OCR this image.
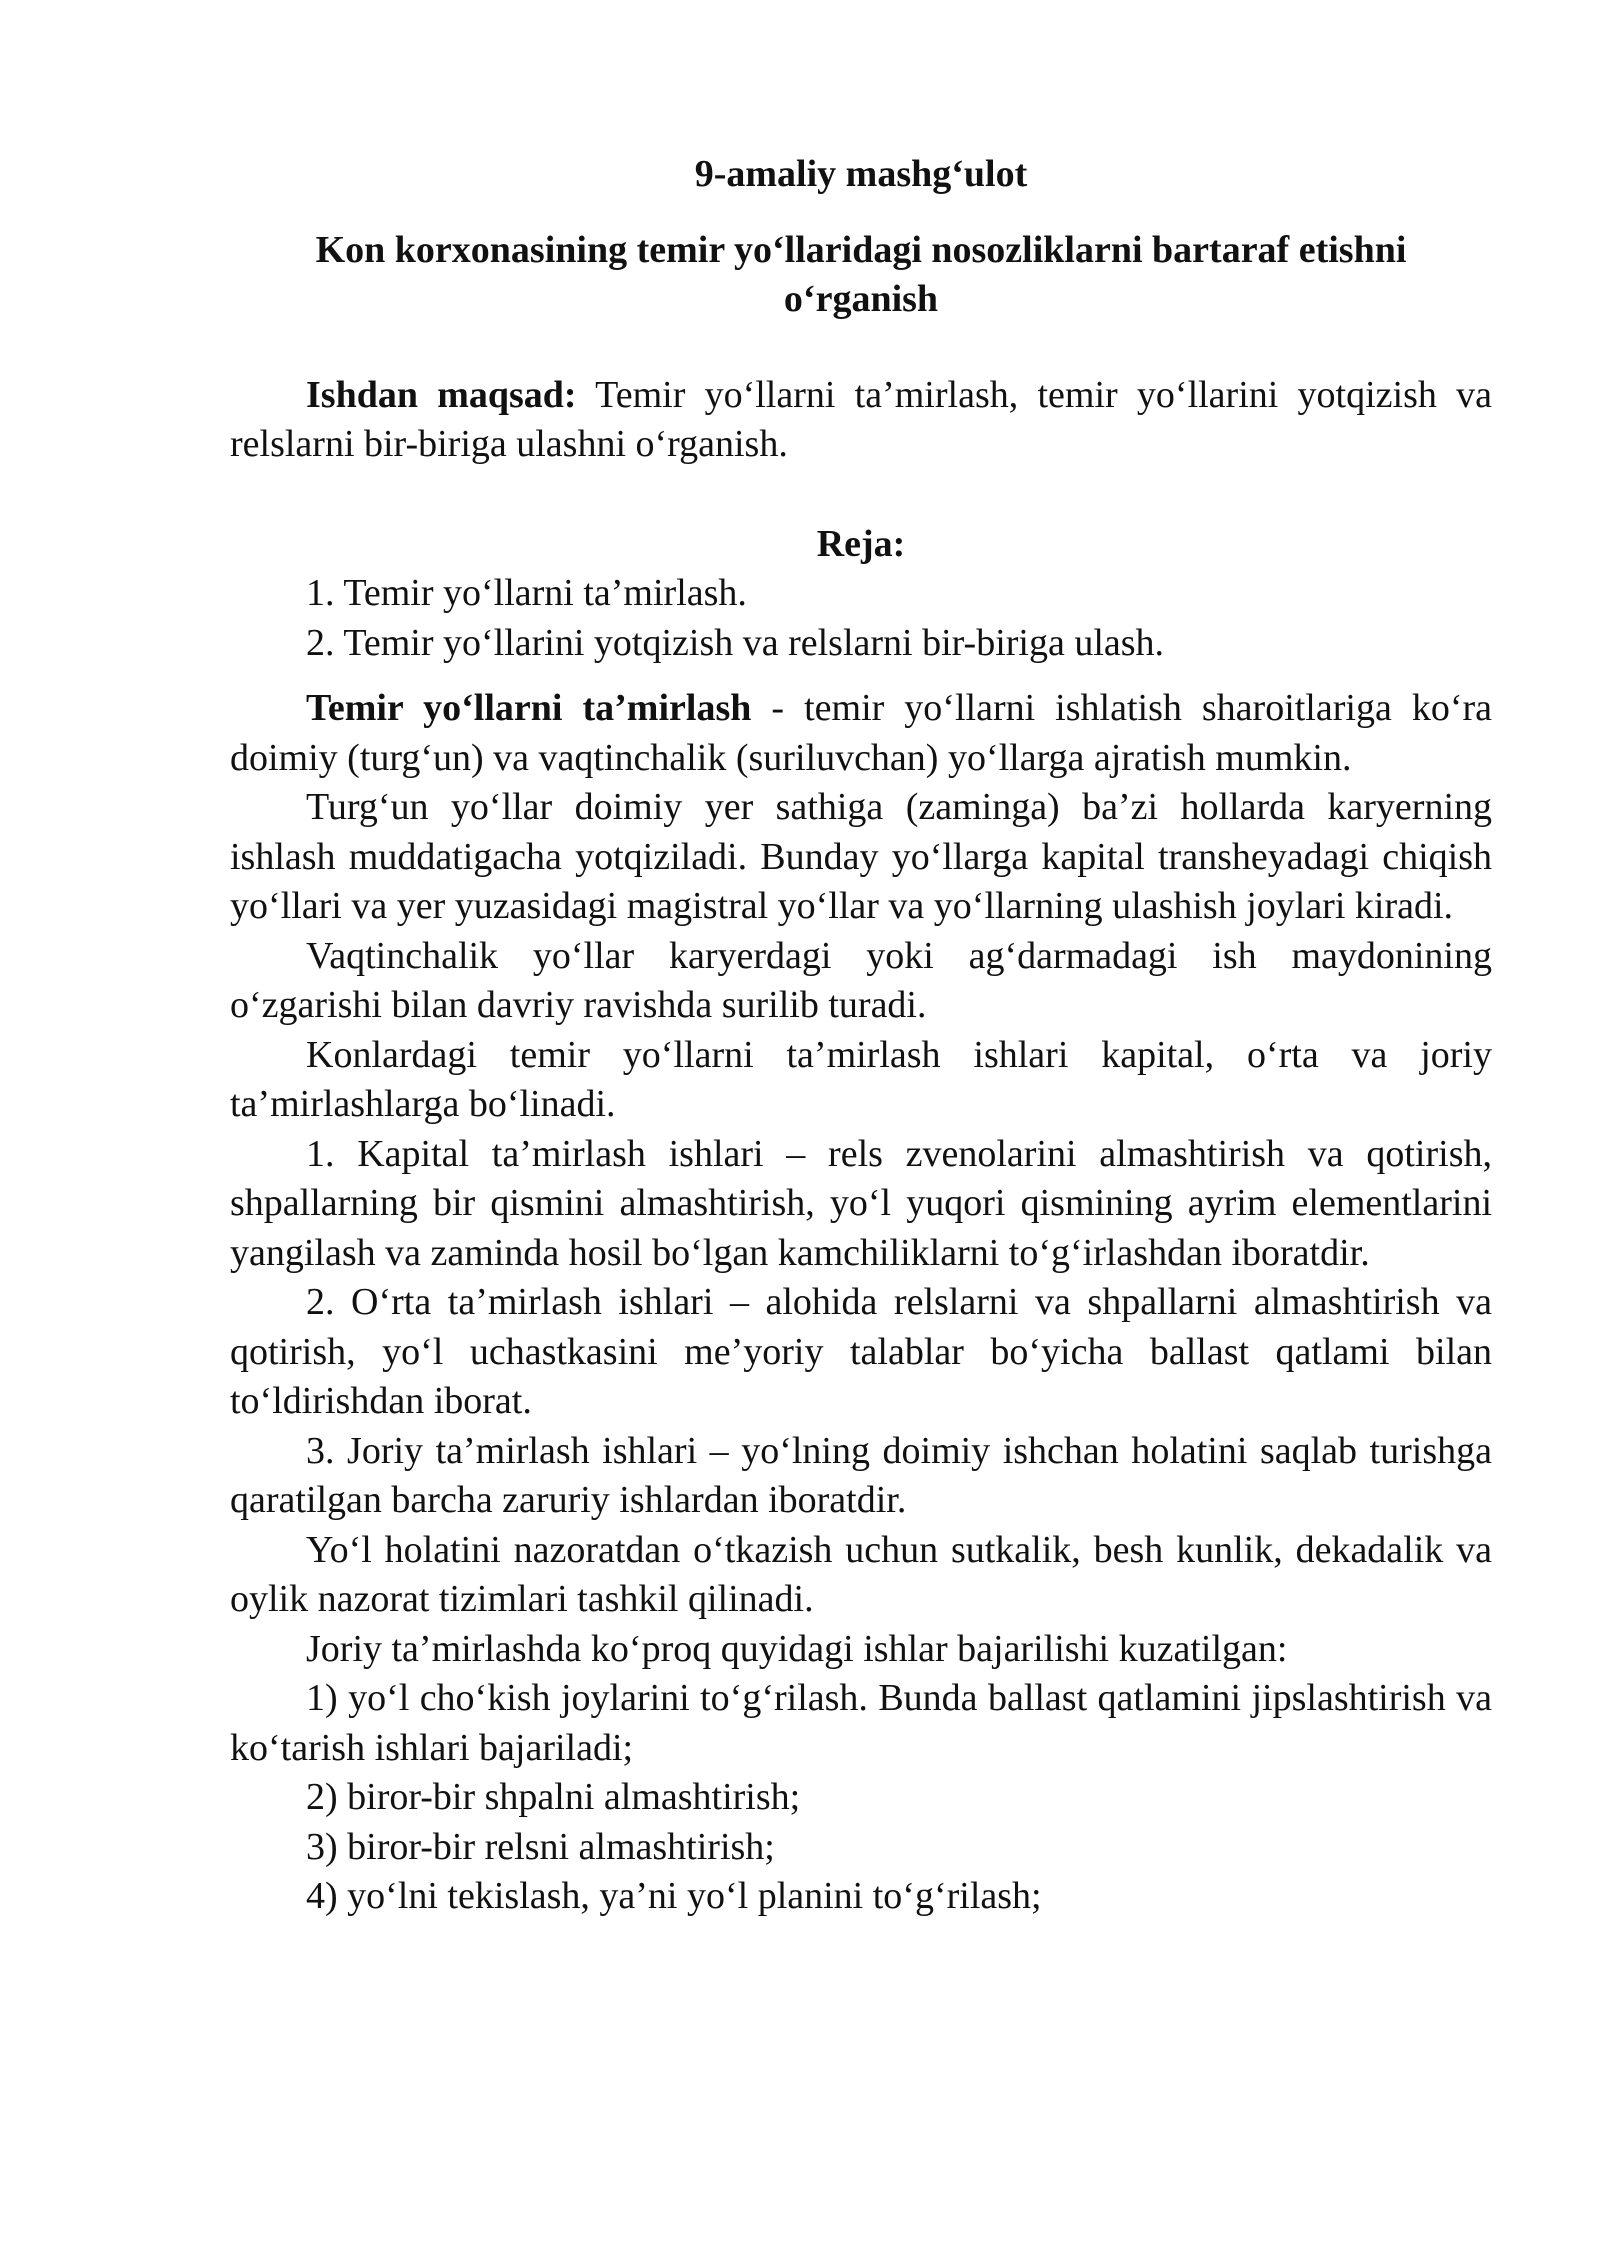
9-amaliy mashg‘ulot

Kon korxonasining temir yo‘llaridagi nosozliklarni bartaraf etishni
o‘rganish

Ishdan maqsad: Temir yo‘llarni ta’mirlash, temir yo‘llarini yotqizish va relslarni bir-biriga ulashni o‘rganish.

Reja:

1. Temir yo‘llarni ta’mirlash.
2. Temir yo‘llarini yotqizish va relslarni bir-biriga ulash.

Temir yo‘llarni ta’mirlash - temir yo‘llarni ishlatish sharoitlariga ko‘ra doimiy (turg‘un) va vaqtinchalik (suriluvchan) yo‘llarga ajratish mumkin.

Turg‘un yo‘llar doimiy yer sathiga (zaminga) ba’zi hollarda karyerning ishlash muddatigacha yotqiziladi. Bunday yo‘llarga kapital transheyadagi chiqish yo‘llari va yer yuzasidagi magistral yo‘llar va yo‘llarning ulashish joylari kiradi.

Vaqtinchalik yo‘llar karyerdagi yoki ag‘darmadagi ish maydonining o‘zgarishi bilan davriy ravishda surilib turadi.

Konlardagi temir yo‘llarni ta’mirlash ishlari kapital, o‘rta va joriy ta’mirlashlarga bo‘linadi.

1. Kapital ta’mirlash ishlari – rels zvenolarini almashtirish va qotirish, shpallarning bir qismini almashtirish, yo‘l yuqori qismining ayrim elementlarini yangilash va zaminda hosil bo‘lgan kamchiliklarni to‘g‘irlashdan iboratdir.

2. O‘rta ta’mirlash ishlari – alohida relslarni va shpallarni almashtirish va qotirish, yo‘l uchastkasini me’yoriy talablar bo‘yicha ballast qatlami bilan to‘ldirishdan iborat.

3. Joriy ta’mirlash ishlari – yo‘lning doimiy ishchan holatini saqlab turishga qaratilgan barcha zaruriy ishlardan iboratdir.

Yo‘l holatini nazoratdan o‘tkazish uchun sutkalik, besh kunlik, dekadalik va oylik nazorat tizimlari tashkil qilinadi.

Joriy ta’mirlashda ko‘proq quyidagi ishlar bajarilishi kuzatilgan:

1) yo‘l cho‘kish joylarini to‘g‘rilash. Bunda ballast qatlamini jipslashtirish va ko‘tarish ishlari bajariladi;

2) biror-bir shpalni almashtirish;

3) biror-bir relsni almashtirish;

4) yo‘lni tekislash, ya’ni yo‘l planini to‘g‘rilash;
